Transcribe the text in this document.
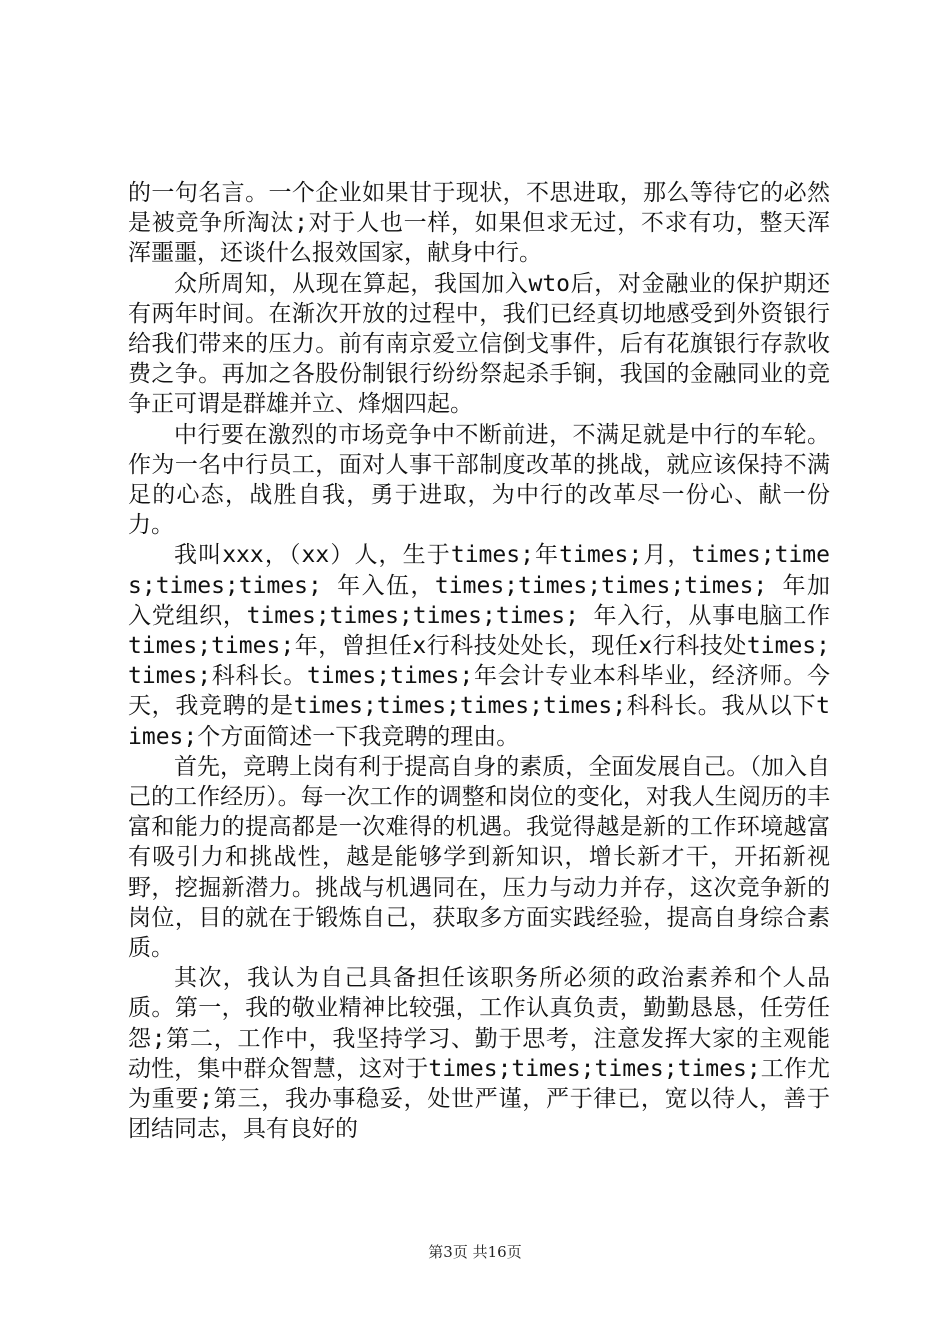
的一句名言。一个企业如果甘于现状，不思进取，那么等待它的必然是被竞争所淘汰;对于人也一样，如果但求无过，不求有功，整天浑浑噩噩，还谈什么报效国家，献身中行。

众所周知，从现在算起，我国加入wto后，对金融业的保护期还有两年时间。在渐次开放的过程中，我们已经真切地感受到外资银行给我们带来的压力。前有南京爱立信倒戈事件，后有花旗银行存款收费之争。再加之各股份制银行纷纷祭起杀手锏，我国的金融同业的竞争正可谓是群雄并立、烽烟四起。

中行要在激烈的市场竞争中不断前进，不满足就是中行的车轮。作为一名中行员工，面对人事干部制度改革的挑战，就应该保持不满足的心态，战胜自我，勇于进取，为中行的改革尽一份心、献一份力。

我叫xxx，（xx）人，生于times;年times;月，times;times;times;times; 年入伍，times;times;times;times; 年加入党组织，times;times;times;times; 年入行，从事电脑工作times;times;年，曾担任x行科技处处长，现任x行科技处times;times;科科长。times;times;年会计专业本科毕业，经济师。今天，我竞聘的是times;times;times;times;科科长。我从以下times;个方面简述一下我竞聘的理由。

首先，竞聘上岗有利于提高自身的素质，全面发展自己。（加入自己的工作经历）。每一次工作的调整和岗位的变化，对我人生阅历的丰富和能力的提高都是一次难得的机遇。我觉得越是新的工作环境越富有吸引力和挑战性，越是能够学到新知识，增长新才干，开拓新视野，挖掘新潜力。挑战与机遇同在，压力与动力并存，这次竞争新的岗位，目的就在于锻炼自己，获取多方面实践经验，提高自身综合素质。

其次，我认为自己具备担任该职务所必须的政治素养和个人品质。第一，我的敬业精神比较强，工作认真负责，勤勤恳恳，任劳任怨;第二，工作中，我坚持学习、勤于思考，注意发挥大家的主观能动性，集中群众智慧，这对于times;times;times;times;工作尤为重要;第三，我办事稳妥，处世严谨，严于律已，宽以待人，善于团结同志，具有良好的

第3页 共16页
